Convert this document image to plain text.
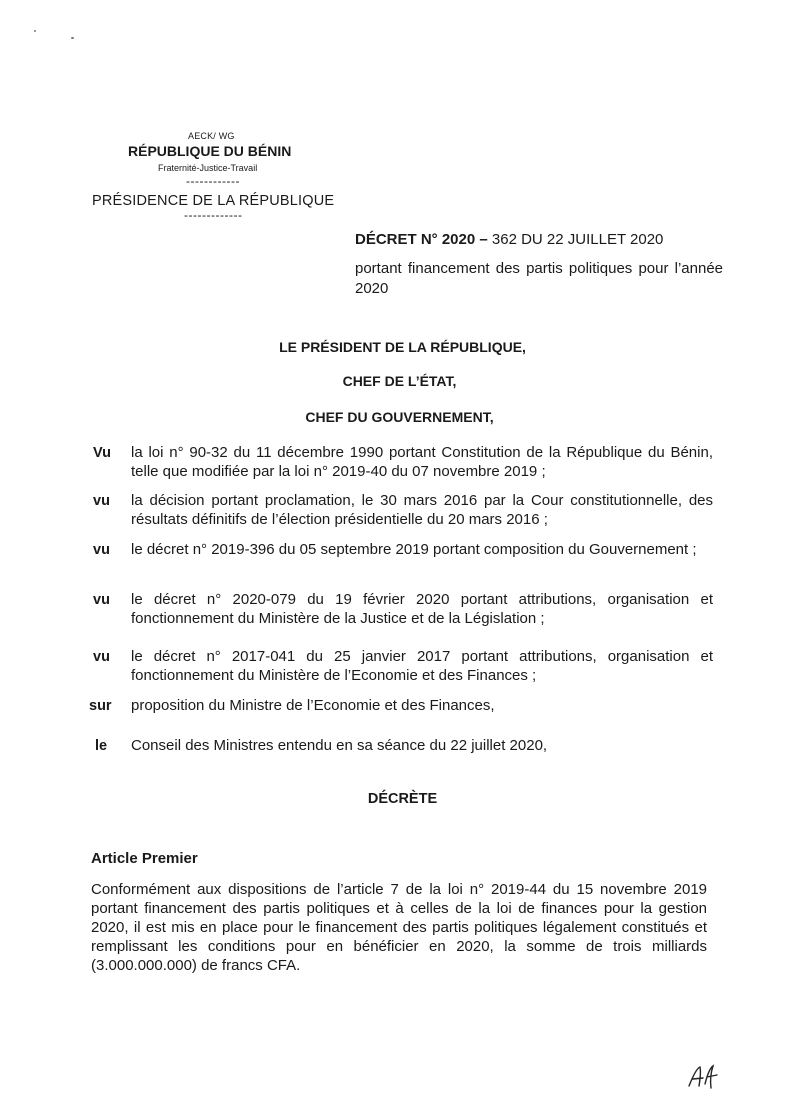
AECK/ WG
RÉPUBLIQUE DU BÉNIN
Fraternité-Justice-Travail
------------
PRÉSIDENCE DE LA RÉPUBLIQUE
-------------
DÉCRET N° 2020 – 362 DU 22 JUILLET 2020
portant financement des partis politiques pour l’année 2020
LE PRÉSIDENT DE LA RÉPUBLIQUE,
CHEF DE L’ÉTAT,
CHEF DU GOUVERNEMENT,
Vu la loi n° 90-32 du 11 décembre 1990 portant Constitution de la République du Bénin, telle que modifiée par la loi n° 2019-40 du 07 novembre 2019 ;
vu la décision portant proclamation, le 30 mars 2016 par la Cour constitutionnelle, des résultats définitifs de l’élection présidentielle du 20 mars 2016 ;
vu le décret n° 2019-396 du 05 septembre 2019 portant composition du Gouvernement ;
vu le décret n° 2020-079 du 19 février 2020 portant attributions, organisation et fonctionnement du Ministère de la Justice et de la Législation ;
vu le décret n° 2017-041 du 25 janvier 2017 portant attributions, organisation et fonctionnement du Ministère de l’Economie et des Finances ;
sur proposition du Ministre de l’Economie et des Finances,
le Conseil des Ministres entendu en sa séance du 22 juillet 2020,
DÉCRÈTE
Article Premier
Conformément aux dispositions de l’article 7 de la loi n° 2019-44 du 15 novembre 2019 portant financement des partis politiques et à celles de la loi de finances pour la gestion 2020, il est mis en place pour le financement des partis politiques légalement constitués et remplissant les conditions pour en bénéficier en 2020, la somme de trois milliards (3.000.000.000) de francs CFA.
